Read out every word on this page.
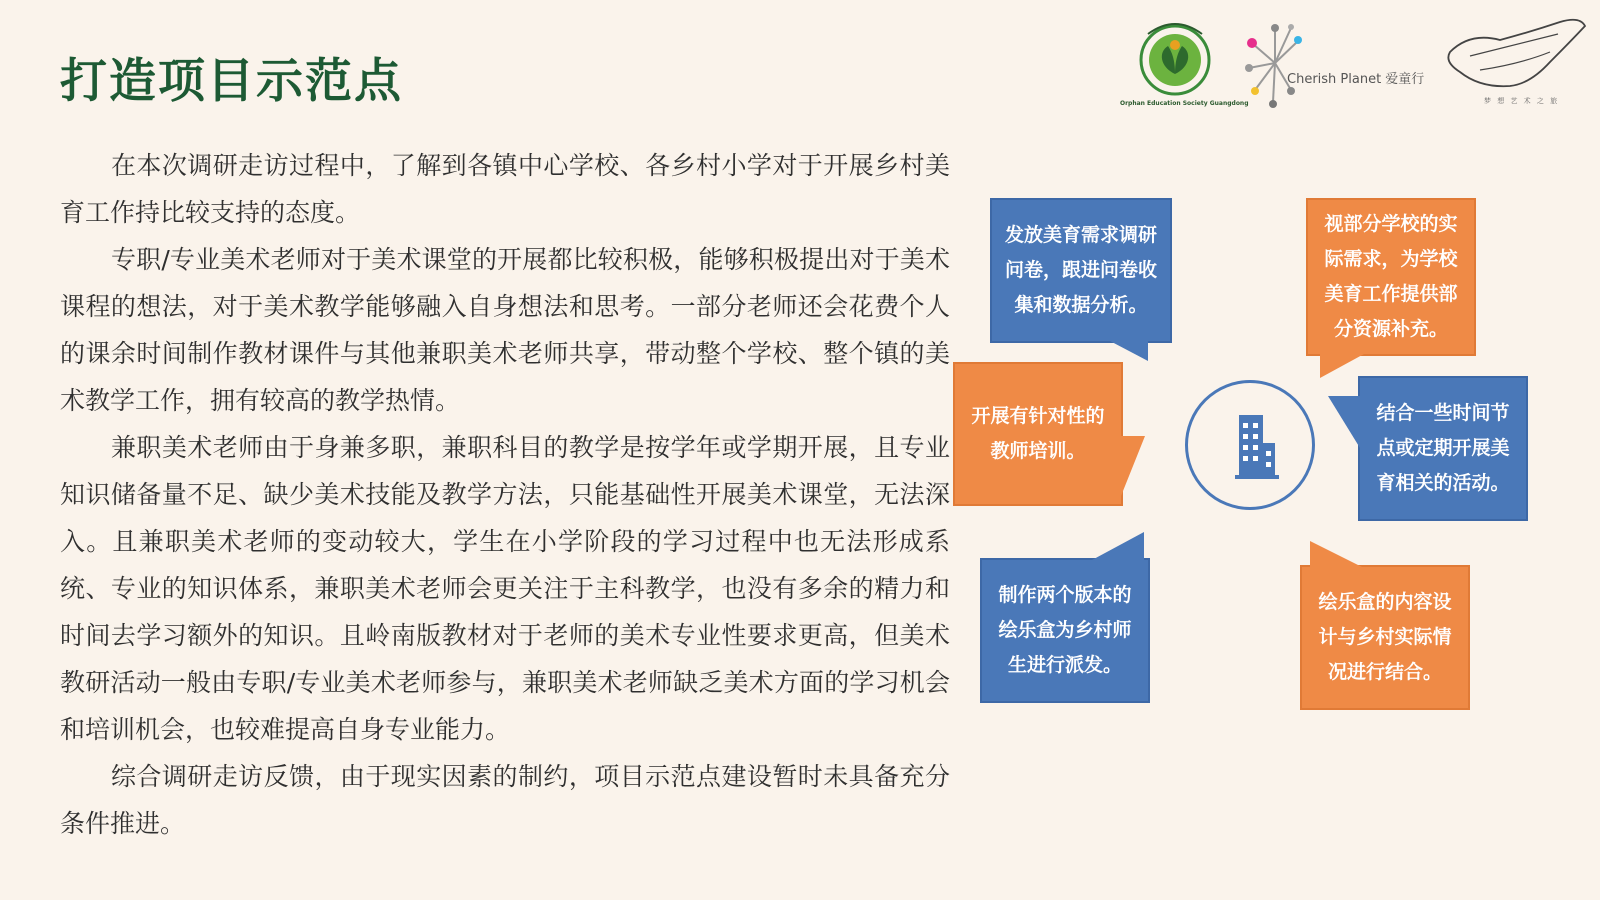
打造项目示范点	Orphan Education Society Guangdong
Cherish Planet 爱童行
梦 想 艺 术 之 旅

在本次调研走访过程中，了解到各镇中心学校、各乡村小学对于开展乡村美育工作持比较支持的态度。

专职/专业美术老师对于美术课堂的开展都比较积极，能够积极提出对于美术课程的想法，对于美术教学能够融入自身想法和思考。一部分老师还会花费个人的课余时间制作教材课件与其他兼职美术老师共享，带动整个学校、整个镇的美术教学工作，拥有较高的教学热情。

兼职美术老师由于身兼多职，兼职科目的教学是按学年或学期开展，且专业知识储备量不足、缺少美术技能及教学方法，只能基础性开展美术课堂，无法深入。且兼职美术老师的变动较大，学生在小学阶段的学习过程中也无法形成系统、专业的知识体系，兼职美术老师会更关注于主科教学，也没有多余的精力和时间去学习额外的知识。且岭南版教材对于老师的美术专业性要求更高，但美术教研活动一般由专职/专业美术老师参与，兼职美术老师缺乏美术方面的学习机会和培训机会，也较难提高自身专业能力。

综合调研走访反馈，由于现实因素的制约，项目示范点建设暂时未具备充分条件推进。

发放美育需求调研
问卷，跟进问卷收
集和数据分析。
视部分学校的实
际需求，为学校
美育工作提供部
分资源补充。
开展有针对性的
教师培训。
结合一些时间节
点或定期开展美
育相关的活动。
制作两个版本的
绘乐盒为乡村师
生进行派发。
绘乐盒的内容设
计与乡村实际情
况进行结合。
